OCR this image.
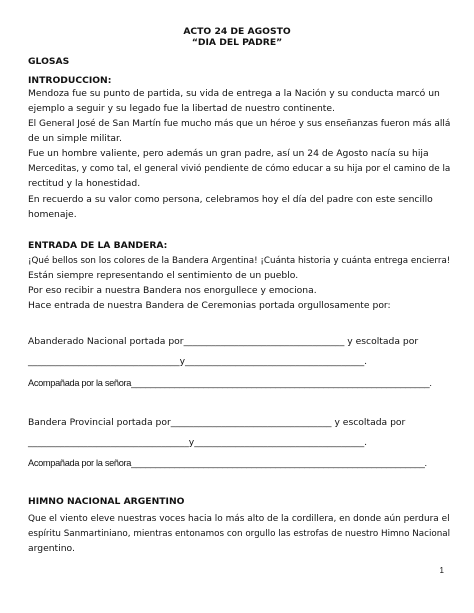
ACTO 24 DE AGOSTO
“DIA DEL PADRE”
GLOSAS
INTRODUCCION:
Mendoza fue su punto de partida, su vida de entrega a la Nación y su conducta marcó un
ejemplo a seguir y su legado fue la libertad de nuestro continente.
El General José de San Martín fue mucho más que un héroe y sus enseñanzas fueron más allá
de un simple militar.
Fue un hombre valiente, pero además un gran padre, así un 24 de Agosto nacía su hija
Merceditas, y como tal, el general vivió pendiente de cómo educar a su hija por el camino de la
rectitud y la honestidad.
En recuerdo a su valor como persona, celebramos hoy el día del padre con este sencillo
homenaje.
ENTRADA DE LA BANDERA:
¡Qué bellos son los colores de la Bandera Argentina! ¡Cuánta historia y cuánta entrega encierra!
Están siempre representando el sentimiento de un pueblo.
Por eso recibir a nuestra Bandera nos enorgullece y emociona.
Hace entrada de nuestra Bandera de Ceremonias portada orgullosamente por:
Abanderado Nacional portada por___________________________________ y escoltada por
_________________________________y_______________________________________.
Acompañada por la señora______________________________________________________________.
Bandera Provincial portada por___________________________________ y escoltada por
___________________________________y_____________________________________.
Acompañada por la señora_____________________________________________________________.
HIMNO NACIONAL ARGENTINO
Que el viento eleve nuestras voces hacia lo más alto de la cordillera, en donde aún perdura el
espíritu Sanmartiniano, mientras entonamos con orgullo las estrofas de nuestro Himno Nacional
argentino.
1
